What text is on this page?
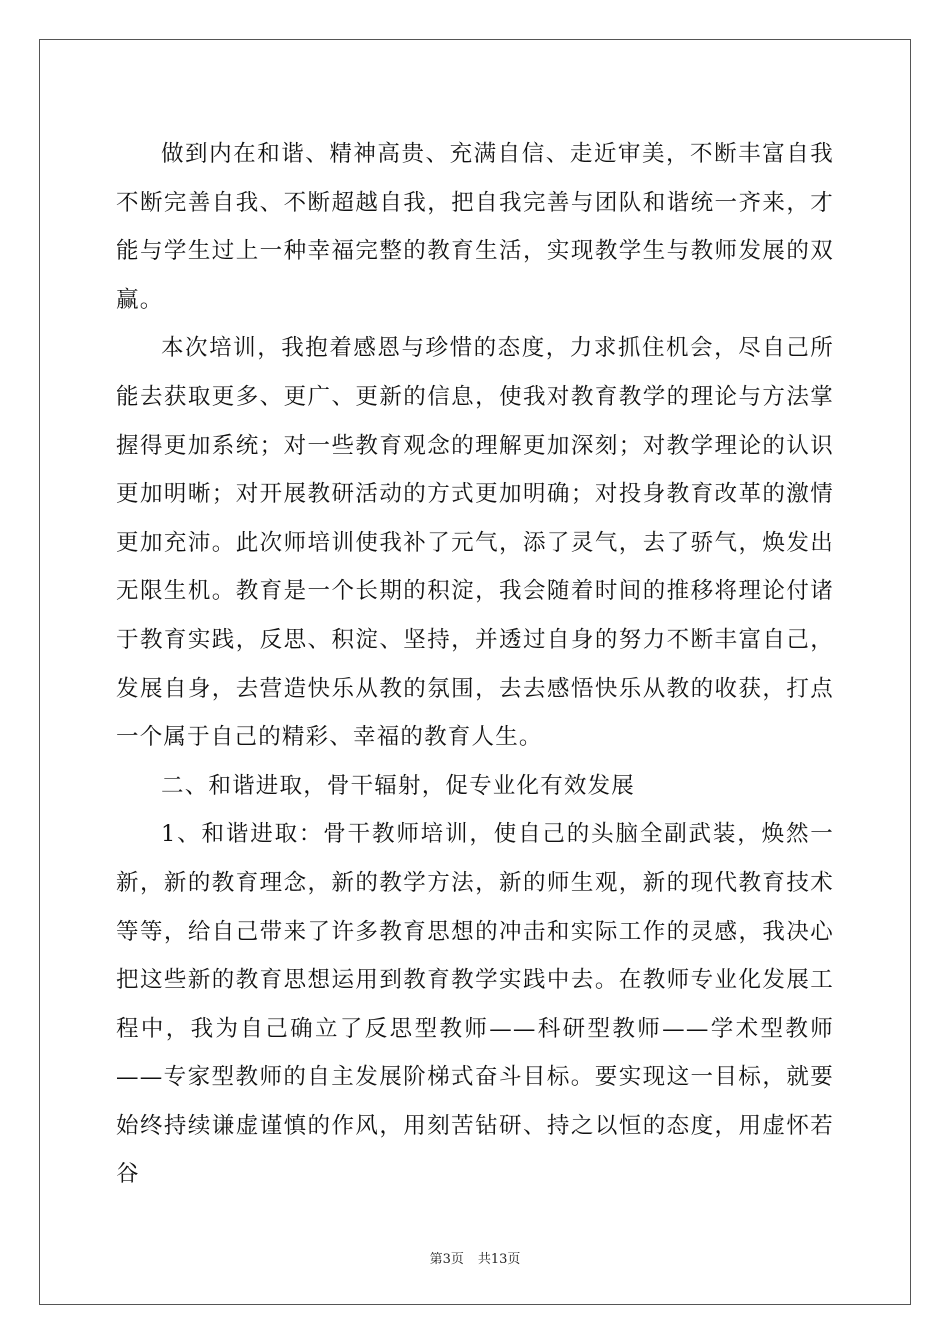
做到内在和谐、精神高贵、充满自信、走近审美，不断丰富自我不断完善自我、不断超越自我，把自我完善与团队和谐统一齐来，才能与学生过上一种幸福完整的教育生活，实现教学生与教师发展的双赢。

本次培训，我抱着感恩与珍惜的态度，力求抓住机会，尽自己所能去获取更多、更广、更新的信息，使我对教育教学的理论与方法掌握得更加系统；对一些教育观念的理解更加深刻；对教学理论的认识更加明晰；对开展教研活动的方式更加明确；对投身教育改革的激情更加充沛。此次师培训使我补了元气，添了灵气，去了骄气，焕发出无限生机。教育是一个长期的积淀，我会随着时间的推移将理论付诸于教育实践，反思、积淀、坚持，并透过自身的努力不断丰富自己，发展自身，去营造快乐从教的氛围，去去感悟快乐从教的收获，打点一个属于自己的精彩、幸福的教育人生。

二、和谐进取，骨干辐射，促专业化有效发展

1、和谐进取：骨干教师培训，使自己的头脑全副武装，焕然一新，新的教育理念，新的教学方法，新的师生观，新的现代教育技术等等，给自己带来了许多教育思想的冲击和实际工作的灵感，我决心把这些新的教育思想运用到教育教学实践中去。在教师专业化发展工程中，我为自己确立了反思型教师——科研型教师——学术型教师——专家型教师的自主发展阶梯式奋斗目标。要实现这一目标，就要始终持续谦虚谨慎的作风，用刻苦钻研、持之以恒的态度，用虚怀若谷

第3页 共13页
